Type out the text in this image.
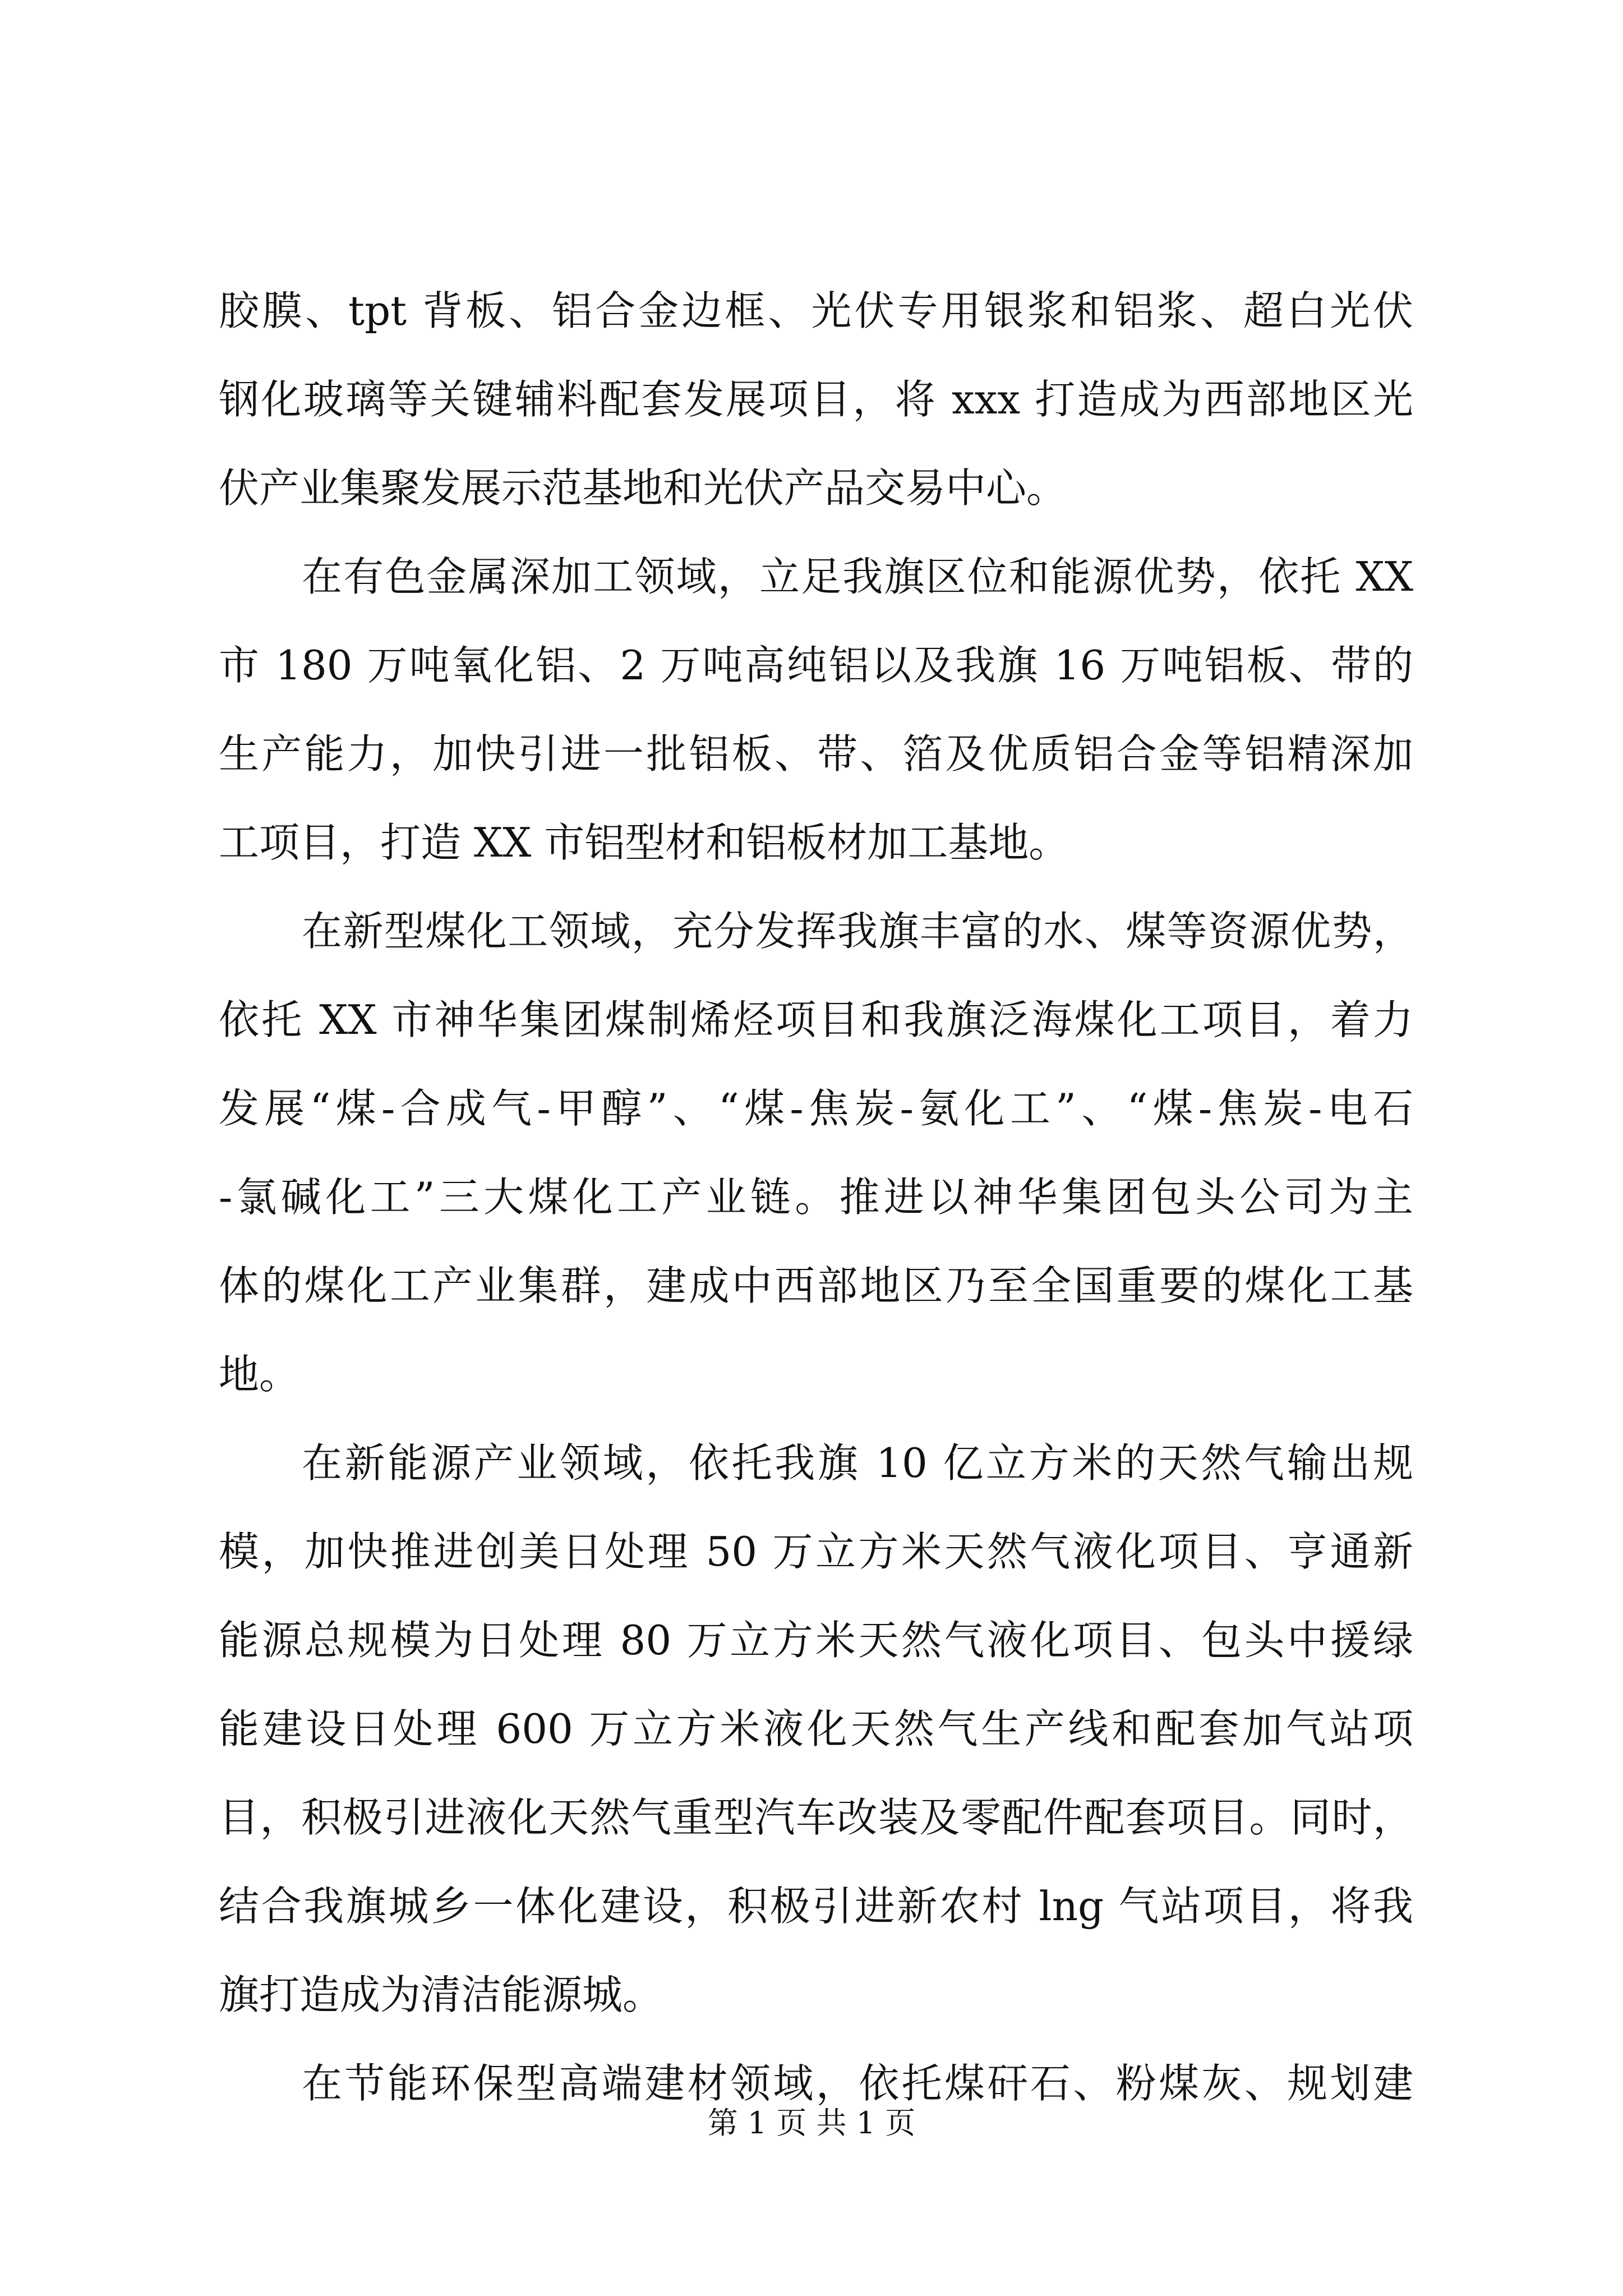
胶膜、tpt 背板、铝合金边框、光伏专用银浆和铝浆、超白光伏
钢化玻璃等关键辅料配套发展项目，将 xxx 打造成为西部地区光
伏产业集聚发展示范基地和光伏产品交易中心。
在有色金属深加工领域，立足我旗区位和能源优势，依托 XX
市 180 万吨氧化铝、2 万吨高纯铝以及我旗 16 万吨铝板、带的
生产能力，加快引进一批铝板、带、箔及优质铝合金等铝精深加
工项目，打造 XX 市铝型材和铝板材加工基地。
在新型煤化工领域，充分发挥我旗丰富的水、煤等资源优势，
依托 XX 市神华集团煤制烯烃项目和我旗泛海煤化工项目，着力
发展“煤-合成气-甲醇”、“煤-焦炭-氨化工”、“煤-焦炭-电石
-氯碱化工”三大煤化工产业链。推进以神华集团包头公司为主
体的煤化工产业集群，建成中西部地区乃至全国重要的煤化工基
地。
在新能源产业领域，依托我旗 10 亿立方米的天然气输出规
模，加快推进创美日处理 50 万立方米天然气液化项目、亨通新
能源总规模为日处理 80 万立方米天然气液化项目、包头中援绿
能建设日处理 600 万立方米液化天然气生产线和配套加气站项
目，积极引进液化天然气重型汽车改装及零配件配套项目。同时，
结合我旗城乡一体化建设，积极引进新农村 lng 气站项目，将我
旗打造成为清洁能源城。
在节能环保型高端建材领域，依托煤矸石、粉煤灰、规划建
第 1 页 共 1 页
